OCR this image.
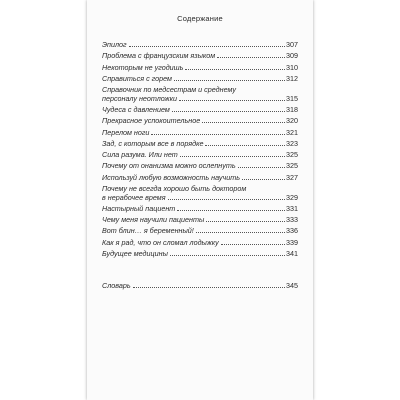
Содержание
Эпилог	307
Проблема с французским языком	309
Некоторым не угодишь	310
Справиться с горем	312
Справочник по медсестрам и среднему
персоналу неотложки	315
Чудеса с давлением	318
Прекрасное успокоительное	320
Перелом ноги	321
Зад, с которым все в порядке	323
Сила разума. Или нет	325
Почему от онанизма можно ослепнуть	325
Используй любую возможность научить	327
Почему не всегда хорошо быть доктором
в нерабочее время	329
Настырный пациент	331
Чему меня научили пациенты	333
Вот блин… я беременный!	336
Как я рад, что он сломал лодыжку	339
Будущее медицины	341
Словарь	345
